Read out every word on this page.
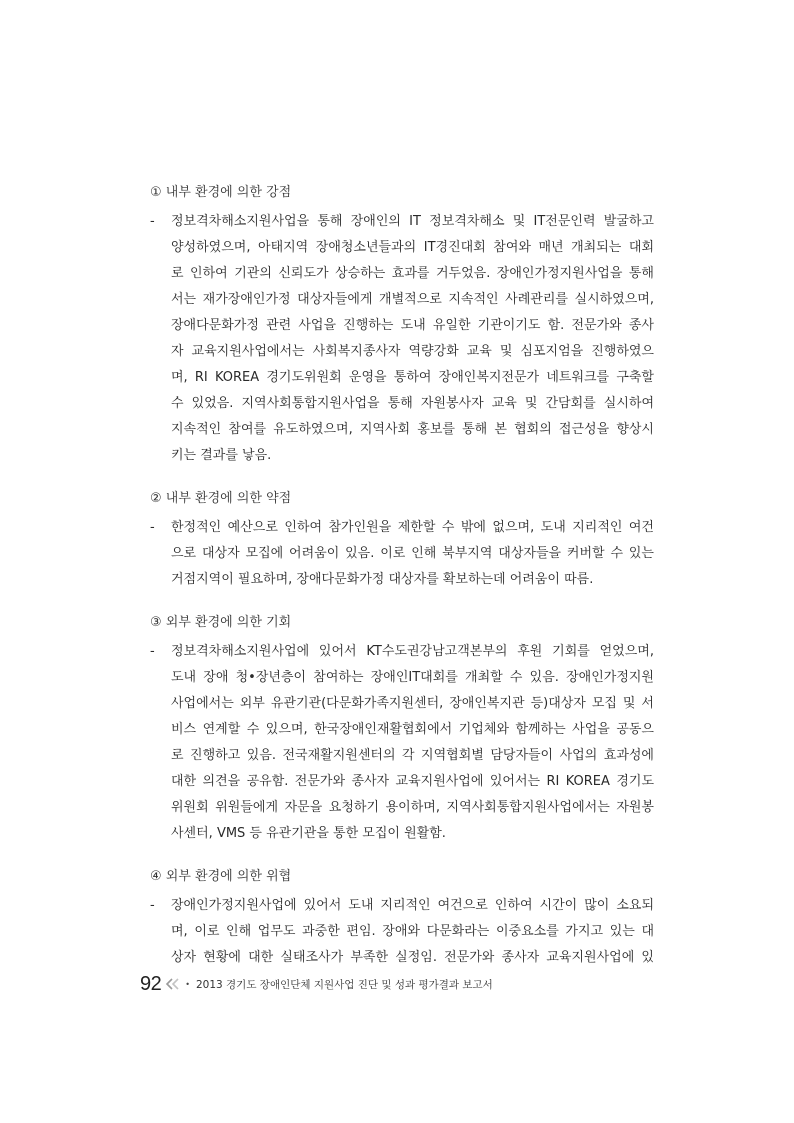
① 내부 환경에 의한 강점
- 정보격차해소지원사업을 통해 장애인의 IT 정보격차해소 및 IT전문인력 발굴하고
양성하였으며, 아태지역 장애청소년들과의 IT경진대회 참여와 매년 개최되는 대회
로 인하여 기관의 신뢰도가 상승하는 효과를 거두었음. 장애인가정지원사업을 통해
서는 재가장애인가정 대상자들에게 개별적으로 지속적인 사례관리를 실시하였으며,
장애다문화가정 관련 사업을 진행하는 도내 유일한 기관이기도 함. 전문가와 종사
자 교육지원사업에서는 사회복지종사자 역량강화 교육 및 심포지엄을 진행하였으
며, RI KOREA 경기도위원회 운영을 통하여 장애인복지전문가 네트워크를 구축할
수 있었음. 지역사회통합지원사업을 통해 자원봉사자 교육 및 간담회를 실시하여
지속적인 참여를 유도하였으며, 지역사회 홍보를 통해 본 협회의 접근성을 향상시
키는 결과를 낳음.
② 내부 환경에 의한 약점
- 한정적인 예산으로 인하여 참가인원을 제한할 수 밖에 없으며, 도내 지리적인 여건
으로 대상자 모집에 어려움이 있음. 이로 인해 북부지역 대상자들을 커버할 수 있는
거점지역이 필요하며, 장애다문화가정 대상자를 확보하는데 어려움이 따름.
③ 외부 환경에 의한 기회
- 정보격차해소지원사업에 있어서 KT수도권강남고객본부의 후원 기회를 얻었으며,
도내 장애 청•장년층이 참여하는 장애인IT대회를 개최할 수 있음. 장애인가정지원
사업에서는 외부 유관기관(다문화가족지원센터, 장애인복지관 등)대상자 모집 및 서
비스 연계할 수 있으며, 한국장애인재활협회에서 기업체와 함께하는 사업을 공동으
로 진행하고 있음. 전국재활지원센터의 각 지역협회별 담당자들이 사업의 효과성에
대한 의견을 공유함. 전문가와 종사자 교육지원사업에 있어서는 RI KOREA 경기도
위원회 위원들에게 자문을 요청하기 용이하며, 지역사회통합지원사업에서는 자원봉
사센터, VMS 등 유관기관을 통한 모집이 원활함.
④ 외부 환경에 의한 위협
- 장애인가정지원사업에 있어서 도내 지리적인 여건으로 인하여 시간이 많이 소요되
며, 이로 인해 업무도 과중한 편임. 장애와 다문화라는 이중요소를 가지고 있는 대
상자 현황에 대한 실태조사가 부족한 실정임. 전문가와 종사자 교육지원사업에 있
92	• 2013 경기도 장애인단체 지원사업 진단 및 성과 평가결과 보고서
